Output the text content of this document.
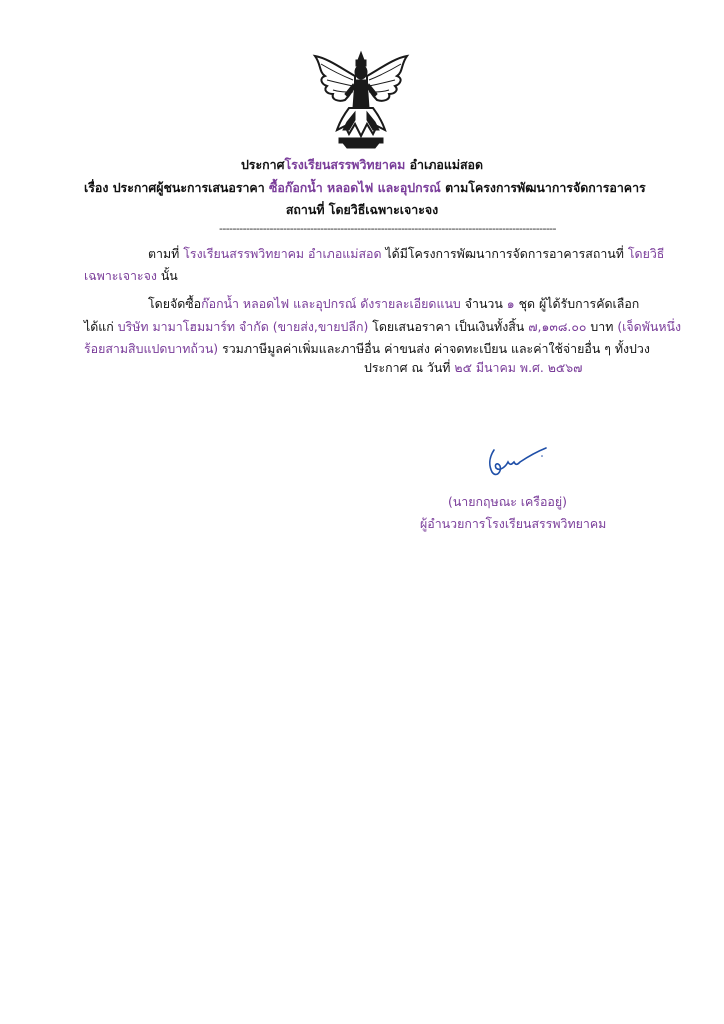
ประกาศโรงเรียนสรรพวิทยาคม อำเภอแม่สอด
เรื่อง ประกาศผู้ชนะการเสนอราคา ซื้อก๊อกน้ำ หลอดไฟ และอุปกรณ์ ตามโครงการพัฒนาการจัดการอาคาร
สถานที่ โดยวิธีเฉพาะเจาะจง
----------------------------------------------------------------------------------------------------
ตามที่ โรงเรียนสรรพวิทยาคม อำเภอแม่สอด ได้มีโครงการพัฒนาการจัดการอาคารสถานที่ โดยวิธี
เฉพาะเจาะจง นั้น
โดยจัดซื้อก๊อกน้ำ หลอดไฟ และอุปกรณ์ ดังรายละเอียดแนบ จำนวน ๑ ชุด ผู้ได้รับการคัดเลือก
ได้แก่ บริษัท มามาโฮมมาร์ท จำกัด (ขายส่ง,ขายปลีก) โดยเสนอราคา เป็นเงินทั้งสิ้น ๗,๑๓๘.๐๐ บาท (เจ็ดพันหนึ่ง
ร้อยสามสิบแปดบาทถ้วน) รวมภาษีมูลค่าเพิ่มและภาษีอื่น ค่าขนส่ง ค่าจดทะเบียน และค่าใช้จ่ายอื่น ๆ ทั้งปวง
ประกาศ ณ วันที่ ๒๕ มีนาคม พ.ศ. ๒๕๖๗
(นายกฤษณะ เครืออยู่)
ผู้อำนวยการโรงเรียนสรรพวิทยาคม
